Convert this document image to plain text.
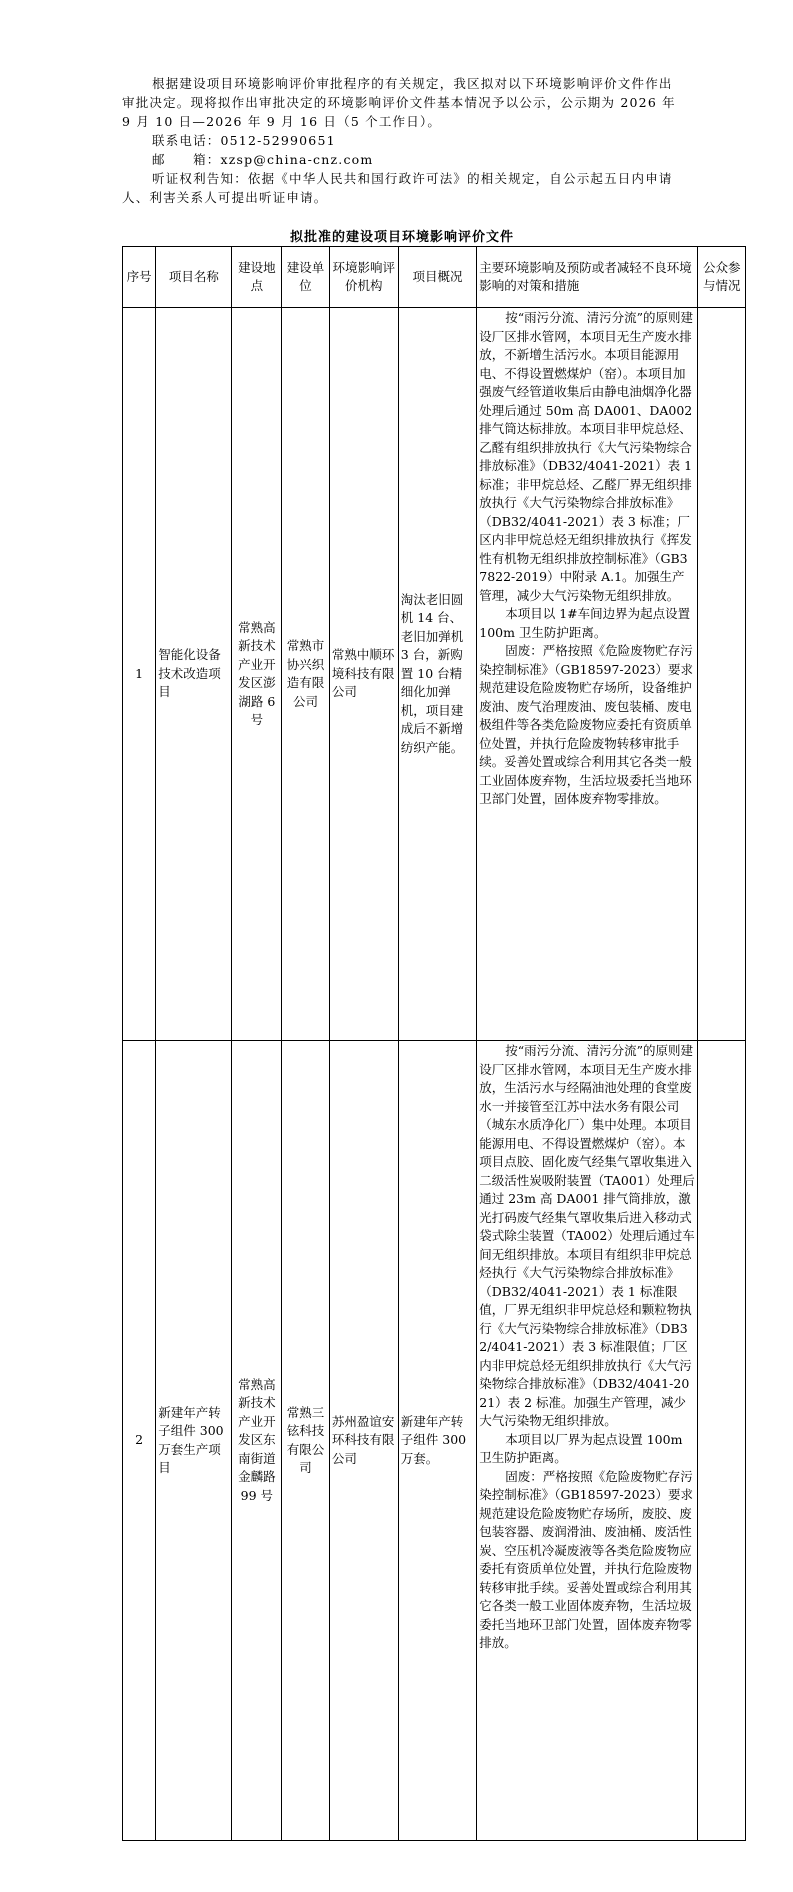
根据建设项目环境影响评价审批程序的有关规定，我区拟对以下环境影响评价文件作出审批决定。现将拟作出审批决定的环境影响评价文件基本情况予以公示，公示期为 2026 年 9 月 10 日—2026 年 9 月 16 日（5 个工作日）。

联系电话：0512-52990651

邮　　箱：xzsp@china-cnz.com

听证权利告知：依据《中华人民共和国行政许可法》的相关规定，自公示起五日内申请人、利害关系人可提出听证申请。

拟批准的建设项目环境影响评价文件
序号	项目名称	建设地点	建设单位	环境影响评价机构	项目概况	主要环境影响及预防或者减轻不良环境影响的对策和措施	公众参与情况
1	智能化设备技术改造项目	常熟高新技术产业开发区澎湖路 6 号	常熟市协兴织造有限公司	常熟中顺环境科技有限公司	淘汰老旧圆机 14 台、老旧加弹机 3 台，新购置 10 台精细化加弹机，项目建成后不新增纺织产能。	按“雨污分流、清污分流”的原则建设厂区排水管网，本项目无生产废水排放，不新增生活污水。本项目能源用电、不得设置燃煤炉（窑）。本项目加强废气经管道收集后由静电油烟净化器处理后通过 50m 高 DA001、DA002 排气筒达标排放。本项目非甲烷总烃、乙醛有组织排放执行《大气污染物综合排放标准》（DB32/4041-2021）表 1 标准；非甲烷总烃、乙醛厂界无组织排放执行《大气污染物综合排放标准》（DB32/4041-2021）表 3 标准；厂区内非甲烷总烃无组织排放执行《挥发性有机物无组织排放控制标准》（GB37822-2019）中附录 A.1。加强生产管理，减少大气污染物无组织排放。

本项目以 1#车间边界为起点设置 100m 卫生防护距离。

固废：严格按照《危险废物贮存污染控制标准》（GB18597-2023）要求规范建设危险废物贮存场所，设备维护废油、废气治理废油、废包装桶、废电极组件等各类危险废物应委托有资质单位处置，并执行危险废物转移审批手续。妥善处置或综合利用其它各类一般工业固体废弃物，生活垃圾委托当地环卫部门处置，固体废弃物零排放。	

2	新建年产转子组件 300 万套生产项目	常熟高新技术产业开发区东南街道金麟路 99 号	常熟三铉科技有限公司	苏州盈谊安环科技有限公司	新建年产转子组件 300 万套。	按“雨污分流、清污分流”的原则建设厂区排水管网，本项目无生产废水排放，生活污水与经隔油池处理的食堂废水一并接管至江苏中法水务有限公司（城东水质净化厂）集中处理。本项目能源用电、不得设置燃煤炉（窑）。本项目点胶、固化废气经集气罩收集进入二级活性炭吸附装置（TA001）处理后通过 23m 高 DA001 排气筒排放，激光打码废气经集气罩收集后进入移动式袋式除尘装置（TA002）处理后通过车间无组织排放。本项目有组织非甲烷总烃执行《大气污染物综合排放标准》（DB32/4041-2021）表 1 标准限值，厂界无组织非甲烷总烃和颗粒物执行《大气污染物综合排放标准》（DB32/4041-2021）表 3 标准限值；厂区内非甲烷总烃无组织排放执行《大气污染物综合排放标准》（DB32/4041-2021）表 2 标准。加强生产管理，减少大气污染物无组织排放。

本项目以厂界为起点设置 100m 卫生防护距离。

固废：严格按照《危险废物贮存污染控制标准》（GB18597-2023）要求规范建设危险废物贮存场所，废胶、废包装容器、废润滑油、废油桶、废活性炭、空压机冷凝废液等各类危险废物应委托有资质单位处置，并执行危险废物转移审批手续。妥善处置或综合利用其它各类一般工业固体废弃物，生活垃圾委托当地环卫部门处置，固体废弃物零排放。	
